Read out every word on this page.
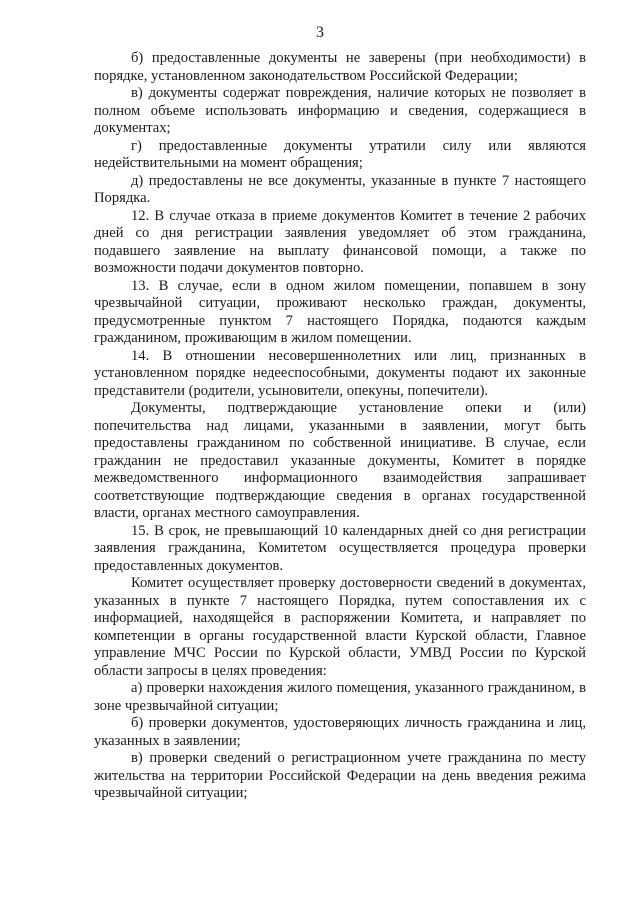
3

б) предоставленные документы не заверены (при необходимости) в порядке, установленном законодательством Российской Федерации;

в) документы содержат повреждения, наличие которых не позволяет в полном объеме использовать информацию и сведения, содержащиеся в документах;

г) предоставленные документы утратили силу или являются недействительными на момент обращения;

д) предоставлены не все документы, указанные в пункте 7 настоящего Порядка.

12. В случае отказа в приеме документов Комитет в течение 2 рабочих дней со дня регистрации заявления уведомляет об этом гражданина, подавшего заявление на выплату финансовой помощи, а также по возможности подачи документов повторно.

13. В случае, если в одном жилом помещении, попавшем в зону чрезвычайной ситуации, проживают несколько граждан, документы, предусмотренные пунктом 7 настоящего Порядка, подаются каждым гражданином, проживающим в жилом помещении.

14. В отношении несовершеннолетних или лиц, признанных в установленном порядке недееспособными, документы подают их законные представители (родители, усыновители, опекуны, попечители).

Документы, подтверждающие установление опеки и (или) попечительства над лицами, указанными в заявлении, могут быть предоставлены гражданином по собственной инициативе. В случае, если гражданин не предоставил указанные документы, Комитет в порядке межведомственного информационного взаимодействия запрашивает соответствующие подтверждающие сведения в органах государственной власти, органах местного самоуправления.

15. В срок, не превышающий 10 календарных дней со дня регистрации заявления гражданина, Комитетом осуществляется процедура проверки предоставленных документов.

Комитет осуществляет проверку достоверности сведений в документах, указанных в пункте 7 настоящего Порядка, путем сопоставления их с информацией, находящейся в распоряжении Комитета, и направляет по компетенции в органы государственной власти Курской области, Главное управление МЧС России по Курской области, УМВД России по Курской области запросы в целях проведения:

а) проверки нахождения жилого помещения, указанного гражданином, в зоне чрезвычайной ситуации;

б) проверки документов, удостоверяющих личность гражданина и лиц, указанных в заявлении;

в) проверки сведений о регистрационном учете гражданина по месту жительства на территории Российской Федерации на день введения режима чрезвычайной ситуации;
